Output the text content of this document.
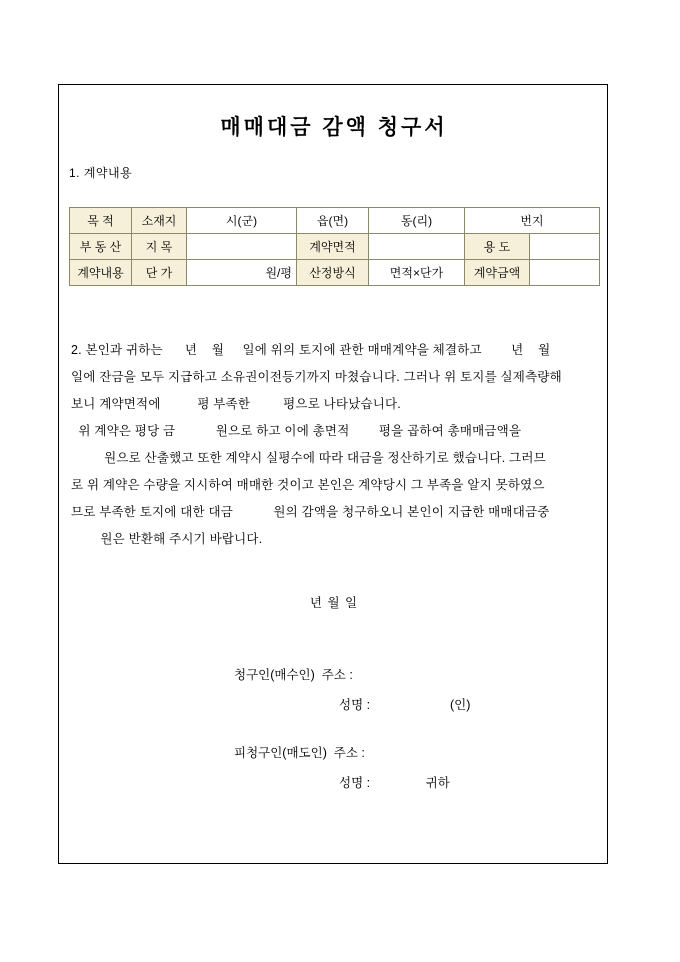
매매대금 감액 청구서
1. 계약내용
목 적	소재지	시(군)	읍(면)	동(리)	번지	
부 동 산	지 목		계약면적		용 도	
계약내용	단 가	원/평	산정방식	면적×단가	계약금액	

2. 본인과 귀하는      년    월     일에 위의 토지에 관한 매매계약을 체결하고        년    월

일에 잔금을 모두 지급하고 소유권이전등기까지 마쳤습니다. 그러나 위 토지를 실제측량해

보니 계약면적에          평 부족한         평으로 나타났습니다.

위 계약은 평당 금           원으로 하고 이에 총면적        평을 곱하여 총매매금액을

원으로 산출했고 또한 계약시 실평수에 따라 대금을 정산하기로 했습니다. 그러므

로 위 계약은 수량을 지시하여 매매한 것이고 본인은 계약당시 그 부족을 알지 못하였으

므로 부족한 토지에 대한 대금           원의 감액을 청구하오니 본인이 지급한 매매대금중

원은 반환해 주시기 바랍니다.

년 월 일
청구인(매수인)  주소 :
성명 :                       (인)
피청구인(매도인)  주소 :
성명 :                귀하
